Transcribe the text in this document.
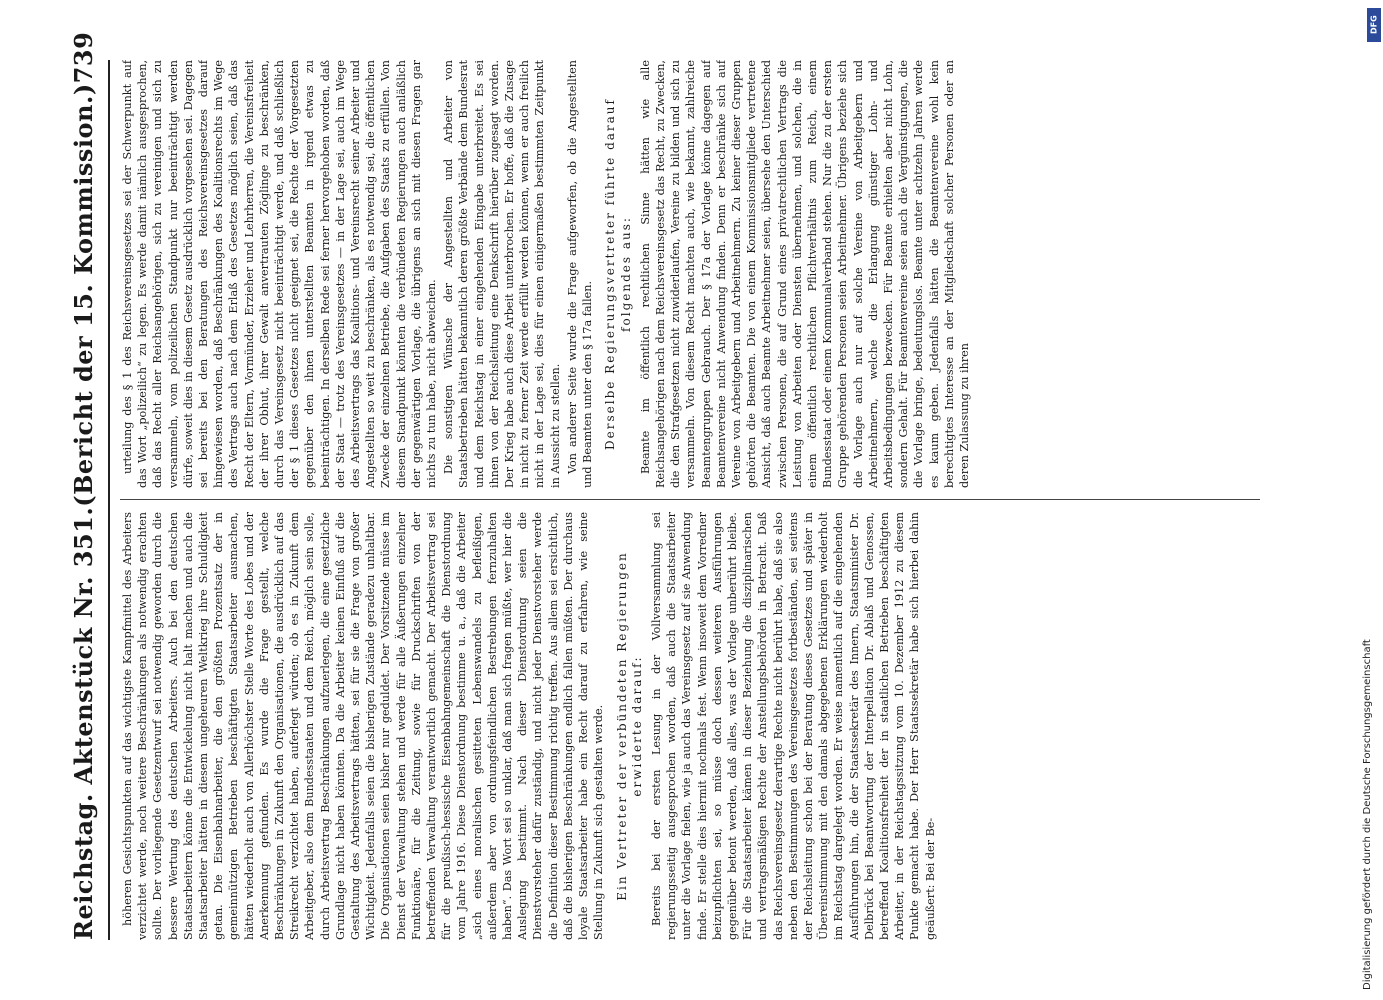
Reichstag. Aktenstück Nr. 351.
(Bericht der 15. Kommission.)
739

höheren Gesichtspunkten auf das wichtigste Kampfmittel des Arbeiters verzichtet werde, noch weitere Beschränkungen als notwendig erachten sollte. Der vorliegende Gesetzentwurf sei notwendig geworden durch die bessere Wertung des deutschen Arbeiters. Auch bei den deutschen Staatsarbeitern könne die Entwickelung nicht halt machen und auch die Staatsarbeiter hätten in diesem ungeheuren Weltkrieg ihre Schuldigkeit getan. Die Eisenbahnarbeiter, die den größten Prozentsatz der in gemeinnützigen Betrieben beschäftigten Staatsarbeiter ausmachen, hätten wiederholt auch von Allerhöchster Stelle Worte des Lobes und der Anerkennung gefunden. Es wurde die Frage gestellt, welche Beschränkungen in Zukunft den Organisationen, die ausdrücklich auf das Streikrecht verzichtet haben, auferlegt würden; ob es in Zukunft dem Arbeitgeber, also dem Bundesstaaten und dem Reich, möglich sein solle, durch Arbeitsvertrag Beschränkungen aufzuerlegen, die eine gesetzliche Grundlage nicht haben könnten. Da die Arbeiter keinen Einfluß auf die Gestaltung des Arbeitsvertrags hätten, sei für sie die Frage von großer Wichtigkeit. Jedenfalls seien die bisherigen Zustände geradezu unhaltbar. Die Organisationen seien bisher nur geduldet. Der Vorsitzende müsse im Dienst der Verwaltung stehen und werde für alle Äußerungen einzelner Funktionäre, für die Zeitung, sowie für Druckschriften von der betreffenden Verwaltung verantwortlich gemacht. Der Arbeitsvertrag sei für die preußisch-hessische Eisenbahngemeinschaft die Dienstordnung vom Jahre 1916. Diese Dienstordnung bestimme u. a., daß die Arbeiter „sich eines moralischen gesitteten Lebenswandels zu befleißigen, außerdem aber von ordnungsfeindlichen Bestrebungen fernzuhalten haben“. Das Wort sei so unklar, daß man sich fragen müßte, wer hier die Auslegung bestimmt. Nach dieser Dienstordnung seien die Dienstvorsteher dafür zuständig, und nicht jeder Dienstvorsteher werde die Definition dieser Bestimmung richtig treffen. Aus allem sei ersichtlich, daß die bisherigen Beschränkungen endlich fallen müßten. Der durchaus loyale Staatsarbeiter habe ein Recht darauf zu erfahren, wie seine Stellung in Zukunft sich gestalten werde. Ein Vertreter der verbündeten Regierungen erwiderte darauf: Bereits bei der ersten Lesung in der Vollversammlung sei regierungsseitig ausgesprochen worden, daß auch die Staatsarbeiter unter die Vorlage fielen, wie ja auch das Vereinsgesetz auf sie Anwendung finde. Er stelle dies hiermit nochmals fest. Wenn insoweit dem Vorredner beizupflichten sei, so müsse doch dessen weiteren Ausführungen gegenüber betont werden, daß alles, was der Vorlage unberührt bleibe. Für die Staatsarbeiter kämen in dieser Beziehung die disziplinarischen und vertragsmäßigen Rechte der Anstellungsbehörden in Betracht. Daß das Reichsvereinsgesetz derartige Rechte nicht berührt habe, daß sie also neben den Bestimmungen des Vereinsgesetzes fortbeständen, sei seitens der Reichsleitung schon bei der Beratung dieses Gesetzes und später in Übereinstimmung mit den damals abgegebenen Erklärungen wiederholt im Reichstag dargelegt worden. Er weise namentlich auf die eingehenden Ausführungen hin, die der Staatssekretär des Innern, Staatsminister Dr. Delbrück bei Beantwortung der Interpellation Dr. Ablaß und Genossen, betreffend Koalitionsfreiheit der in staatlichen Betrieben beschäftigten Arbeiter, in der Reichstagssitzung vom 10. Dezember 1912 zu diesem Punkte gemacht habe. Der Herr Staatssekretär habe sich hierbei dahin geäußert: Bei der Be-

urteilung des § 1 des Reichsvereinsgesetzes sei der Schwerpunkt auf das Wort „polizeilich“ zu legen. Es werde damit nämlich ausgesprochen, daß das Recht aller Reichsangehörigen, sich zu vereinigen und sich zu versammeln, vom polizeilichen Standpunkt nur beeinträchtigt werden dürfe, soweit dies in diesem Gesetz ausdrücklich vorgesehen sei. Dagegen sei bereits bei den Beratungen des Reichsvereinsgesetzes darauf hingewiesen worden, daß Beschränkungen des Koalitionsrechts im Wege des Vertrags auch nach dem Erlaß des Gesetzes möglich seien, daß das Recht der Eltern, Vormünder, Erzieher und Lehrherren, die Vereinsfreiheit der ihrer Obhut, ihrer Gewalt anvertrauten Zöglinge zu beschränken, durch das Vereinsgesetz nicht beeinträchtigt werde, und daß schließlich der § 1 dieses Gesetzes nicht geeignet sei, die Rechte der Vorgesetzten gegenüber den ihnen unterstellten Beamten in irgend etwas zu beeinträchtigen. In derselben Rede sei ferner hervorgehoben worden, daß der Staat — trotz des Vereinsgesetzes — in der Lage sei, auch im Wege des Arbeitsvertrags das Koalitions- und Vereinsrecht seiner Arbeiter und Angestellten so weit zu beschränken, als es notwendig sei, die öffentlichen Zwecke der einzelnen Betriebe, die Aufgaben des Staats zu erfüllen. Von diesem Standpunkt könnten die verbündeten Regierungen auch anläßlich der gegenwärtigen Vorlage, die übrigens an sich mit diesen Fragen gar nichts zu tun habe, nicht abweichen. Die sonstigen Wünsche der Angestellten und Arbeiter von Staatsbetrieben hätten bekanntlich deren größte Verbände dem Bundesrat und dem Reichstag in einer eingehenden Eingabe unterbreitet. Es sei ihnen von der Reichsleitung eine Denkschrift hierüber zugesagt worden. Der Krieg habe auch diese Arbeit unterbrochen. Er hoffe, daß die Zusage in nicht zu ferner Zeit werde erfüllt werden können, wenn er auch freilich nicht in der Lage sei, dies für einen einigermaßen bestimmten Zeitpunkt in Aussicht zu stellen. Von anderer Seite wurde die Frage aufgeworfen, ob die Angestellten und Beamten unter den § 17a fallen. Derselbe Regierungsvertreter führte darauf folgendes aus: Beamte im öffentlich rechtlichen Sinne hätten wie alle Reichsangehörigen nach dem Reichsvereinsgesetz das Recht, zu Zwecken, die den Strafgesetzen nicht zuwiderlaufen, Vereine zu bilden und sich zu versammeln. Von diesem Recht machten auch, wie bekannt, zahlreiche Beamtengruppen Gebrauch. Der § 17a der Vorlage könne dagegen auf Beamtenvereine nicht Anwendung finden. Denn er beschränke sich auf Vereine von Arbeitgebern und Arbeitnehmern. Zu keiner dieser Gruppen gehörten die Beamten. Die von einem Kommissionsmitgliede vertretene Ansicht, daß auch Beamte Arbeitnehmer seien, übersehe den Unterschied zwischen Personen, die auf Grund eines privatrechtlichen Vertrags die Leistung von Arbeiten oder Diensten übernehmen, und solchen, die in einem öffentlich rechtlichen Pflichtverhältnis zum Reich, einem Bundesstaat oder einem Kommunalverband stehen. Nur die zu der ersten Gruppe gehörenden Personen seien Arbeitnehmer. Übrigens beziehe sich die Vorlage auch nur auf solche Vereine von Arbeitgebern und Arbeitnehmern, welche die Erlangung günstiger Lohn- und Arbeitsbedingungen bezwecken. Für Beamte erhielten aber nicht Lohn, sondern Gehalt. Für Beamtenvereine seien auch die Vergünstigungen, die die Vorlage bringe, bedeutungslos. Beamte unter achtzehn Jahren werde es kaum geben. Jedenfalls hätten die Beamtenvereine wohl kein berechtigtes Interesse an der Mitgliedschaft solcher Personen oder an deren Zulassung zu ihren

DFG
Digitalisierung gefördert durch die Deutsche Forschungsgemeinschaft
